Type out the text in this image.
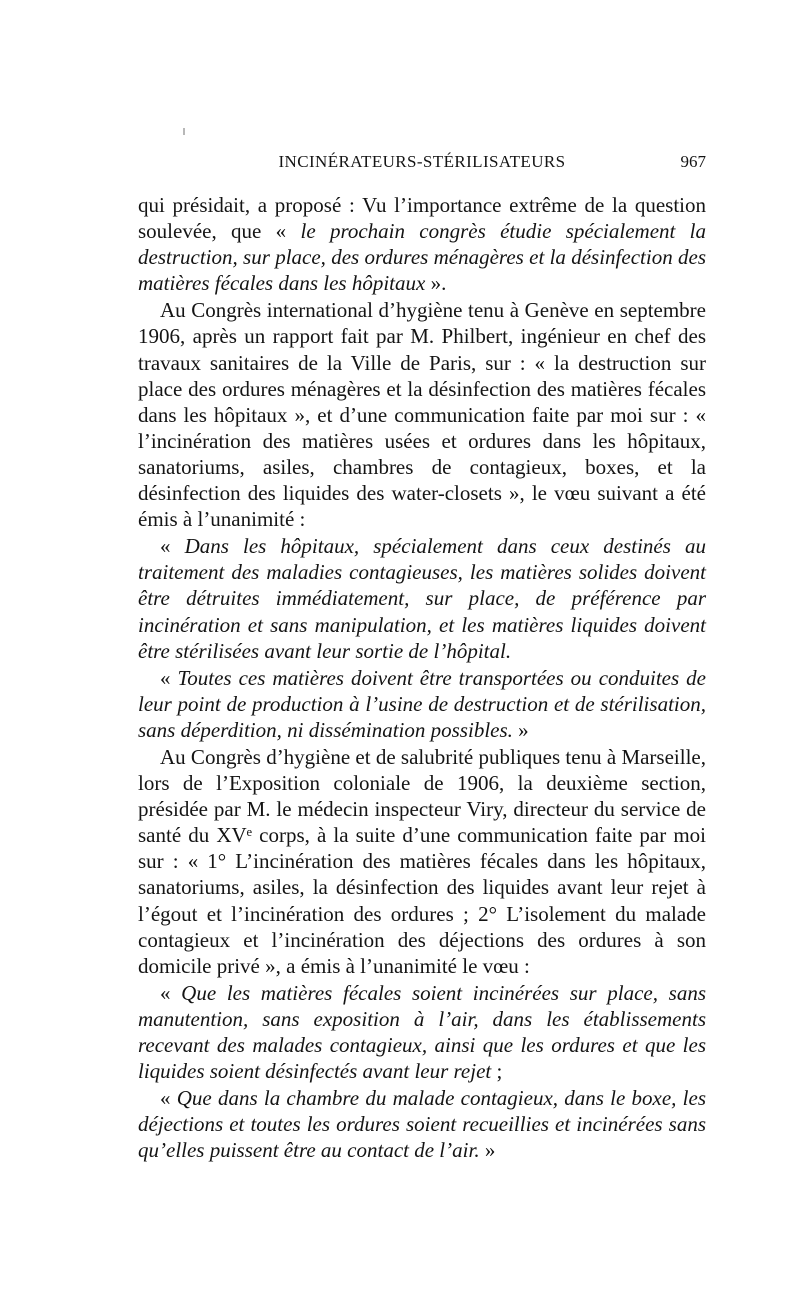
INCINÉRATEURS-STÉRILISATEURS	967

qui présidait, a proposé : Vu l’importance extrême de la question soulevée, que « le prochain congrès étudie spécialement la destruction, sur place, des ordures ménagères et la désinfection des matières fécales dans les hôpitaux ».

Au Congrès international d’hygiène tenu à Genève en septembre 1906, après un rapport fait par M. Philbert, ingénieur en chef des travaux sanitaires de la Ville de Paris, sur : « la destruction sur place des ordures ménagères et la désinfection des matières fécales dans les hôpitaux », et d’une communication faite par moi sur : « l’incinération des matières usées et ordures dans les hôpitaux, sanatoriums, asiles, chambres de contagieux, boxes, et la désinfection des liquides des water-closets », le vœu suivant a été émis à l’unanimité :

« Dans les hôpitaux, spécialement dans ceux destinés au traitement des maladies contagieuses, les matières solides doivent être détruites immédiatement, sur place, de préférence par incinération et sans manipulation, et les matières liquides doivent être stérilisées avant leur sortie de l’hôpital.

« Toutes ces matières doivent être transportées ou conduites de leur point de production à l’usine de destruction et de stérilisation, sans déperdition, ni dissémination possibles. »

Au Congrès d’hygiène et de salubrité publiques tenu à Marseille, lors de l’Exposition coloniale de 1906, la deuxième section, présidée par M. le médecin inspecteur Viry, directeur du service de santé du XVᵉ corps, à la suite d’une communication faite par moi sur : « 1° L’incinération des matières fécales dans les hôpitaux, sanatoriums, asiles, la désinfection des liquides avant leur rejet à l’égout et l’incinération des ordures ; 2° L’isolement du malade contagieux et l’incinération des déjections des ordures à son domicile privé », a émis à l’unanimité le vœu :

« Que les matières fécales soient incinérées sur place, sans manutention, sans exposition à l’air, dans les établissements recevant des malades contagieux, ainsi que les ordures et que les liquides soient désinfectés avant leur rejet ;

« Que dans la chambre du malade contagieux, dans le boxe, les déjections et toutes les ordures soient recueillies et incinérées sans qu’elles puissent être au contact de l’air. »
